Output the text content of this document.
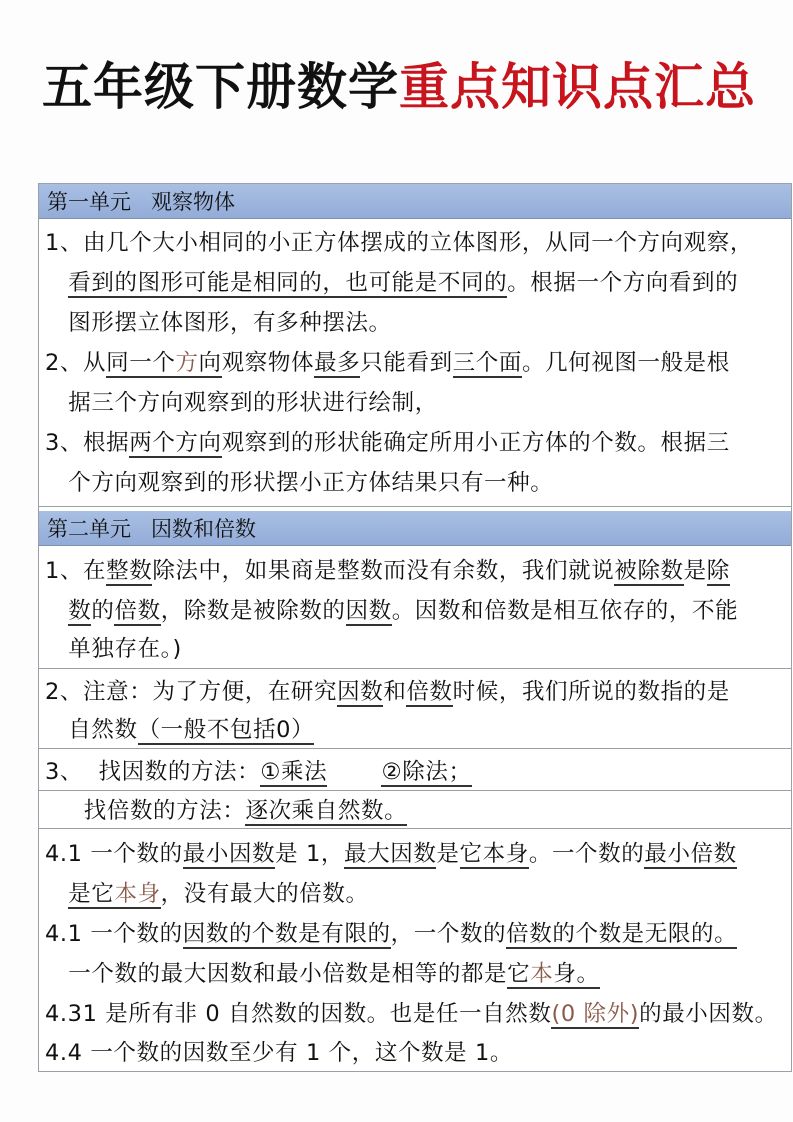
五年级下册数学重点知识点汇总
第一单元   观察物体
1、由几个大小相同的小正方体摆成的立体图形，从同一个方向观察，
看到的图形可能是相同的，也可能是不同的。根据一个方向看到的
图形摆立体图形，有多种摆法。
2、从同一个方向观察物体最多只能看到三个面。几何视图一般是根
据三个方向观察到的形状进行绘制，
3、根据两个方向观察到的形状能确定所用小正方体的个数。根据三
个方向观察到的形状摆小正方体结果只有一种。
第二单元   因数和倍数
1、在整数除法中，如果商是整数而没有余数，我们就说被除数是除
数的倍数，除数是被除数的因数。因数和倍数是相互依存的，不能
单独存在。)
2、注意：为了方便，在研究因数和倍数时候，我们所说的数指的是
自然数（一般不包括0）
3、  找因数的方法：①乘法 ②除法；
找倍数的方法：逐次乘自然数。
4.1 一个数的最小因数是 1，最大因数是它本身。一个数的最小倍数
是它本身，没有最大的倍数。
4.1 一个数的因数的个数是有限的，一个数的倍数的个数是无限的。
一个数的最大因数和最小倍数是相等的都是它本身。
4.31 是所有非 0 自然数的因数。也是任一自然数(0 除外)的最小因数。
4.4 一个数的因数至少有 1 个，这个数是 1。
